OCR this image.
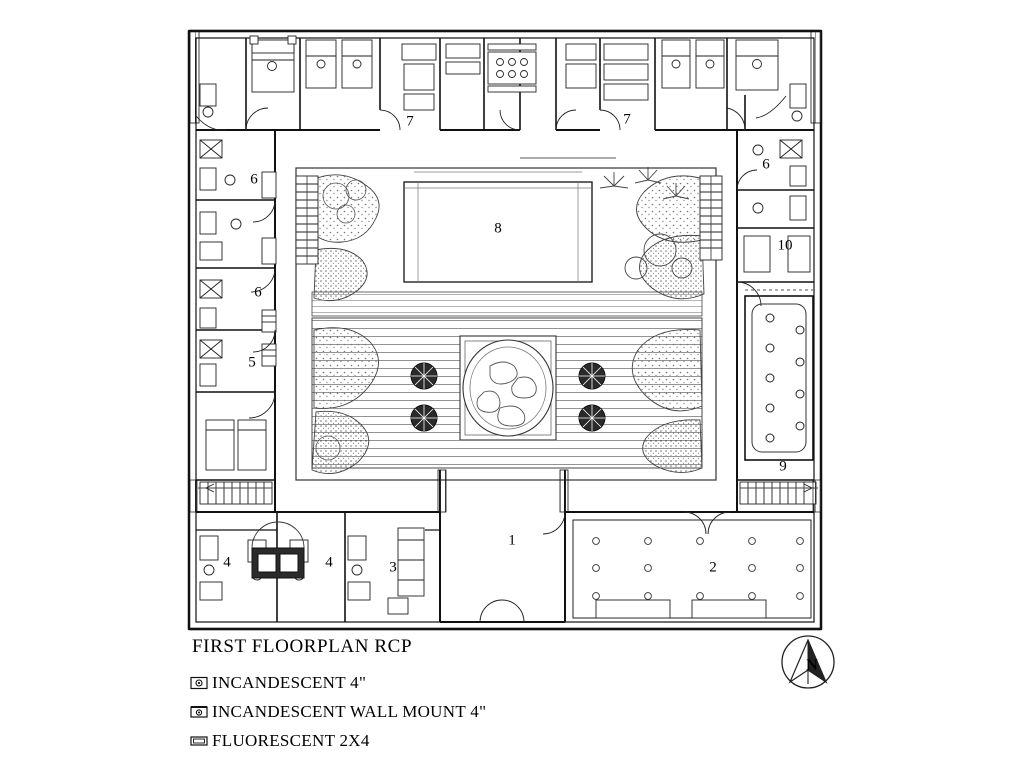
1
2
3
4	4
5
6
6
6
7	7
8
9
10
FIRST FLOORPLAN RCP
INCANDESCENT 4"
INCANDESCENT WALL MOUNT 4"
FLUORESCENT 2X4
N
